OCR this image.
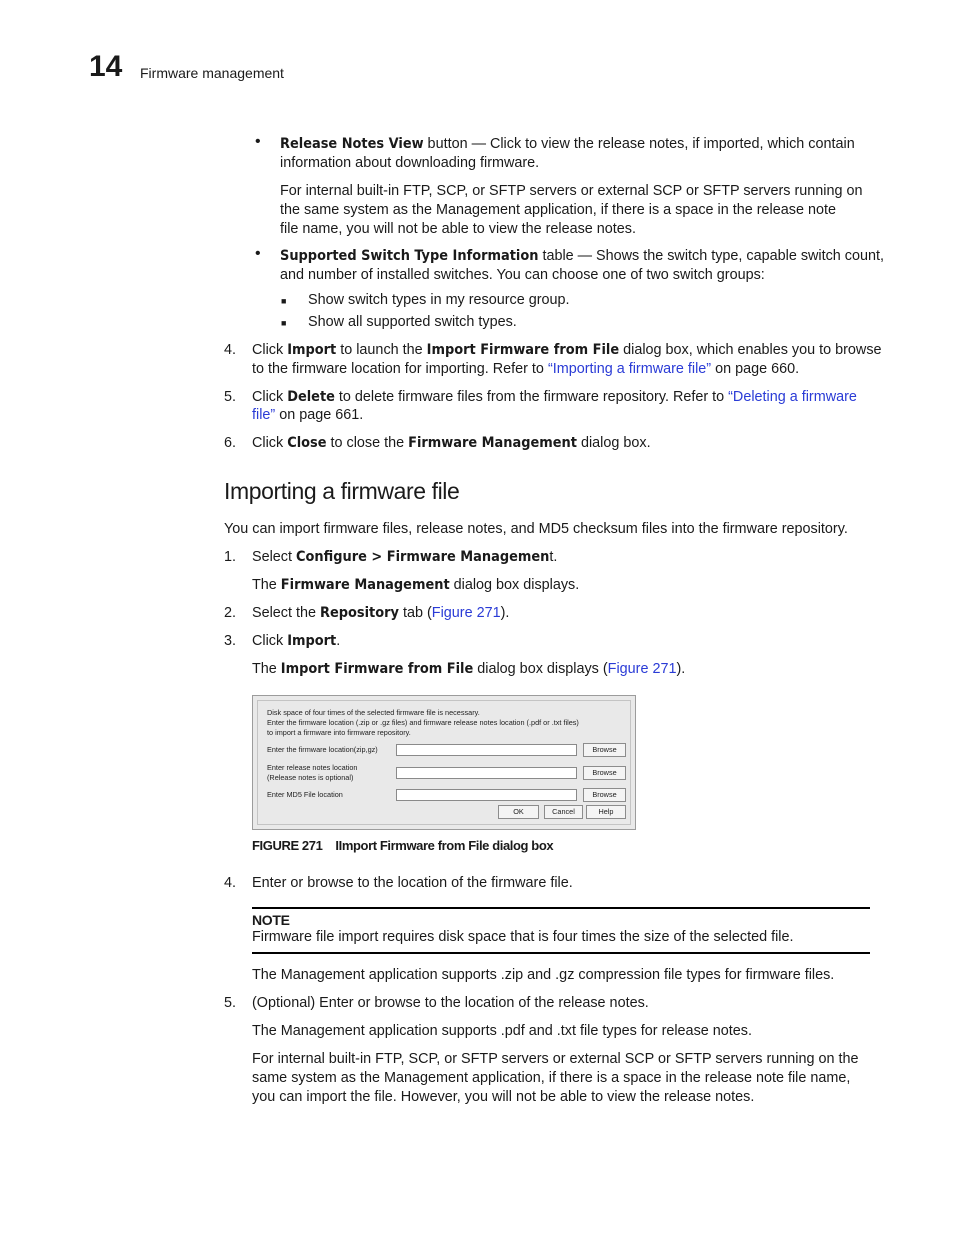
14 Firmware management
• Release Notes View button — Click to view the release notes, if imported, which contain
information about downloading firmware.
For internal built-in FTP, SCP, or SFTP servers or external SCP or SFTP servers running on
the same system as the Management application, if there is a space in the release note
file name, you will not be able to view the release notes.
• Supported Switch Type Information table — Shows the switch type, capable switch count,
and number of installed switches. You can choose one of two switch groups:
■ Show switch types in my resource group.
■ Show all supported switch types.
4. Click Import to launch the Import Firmware from File dialog box, which enables you to browse
to the firmware location for importing. Refer to “Importing a firmware file” on page 660.
5. Click Delete to delete firmware files from the firmware repository. Refer to “Deleting a firmware
file” on page 661.
6. Click Close to close the Firmware Management dialog box.
Importing a firmware file
You can import firmware files, release notes, and MD5 checksum files into the firmware repository.
1. Select Configure > Firmware Management.
The Firmware Management dialog box displays.
2. Select the Repository tab (Figure 271).
3. Click Import.
The Import Firmware from File dialog box displays (Figure 271).
Disk space of four times of the selected firmware file is necessary.
Enter the firmware location (.zip or .gz files) and firmware release notes location (.pdf or .txt files)
to import a firmware into firmware repository.
Enter the firmware location(zip,gz)	Browse
Enter release notes location
(Release notes is optional)
Browse
Enter MD5 File location	Browse
OK	Cancel	Help
FIGURE 271 IImport Firmware from File dialog box
4. Enter or browse to the location of the firmware file.
NOTE
Firmware file import requires disk space that is four times the size of the selected file.
The Management application supports .zip and .gz compression file types for firmware files.
5. (Optional) Enter or browse to the location of the release notes.
The Management application supports .pdf and .txt file types for release notes.
For internal built-in FTP, SCP, or SFTP servers or external SCP or SFTP servers running on the
same system as the Management application, if there is a space in the release note file name,
you can import the file. However, you will not be able to view the release notes.
